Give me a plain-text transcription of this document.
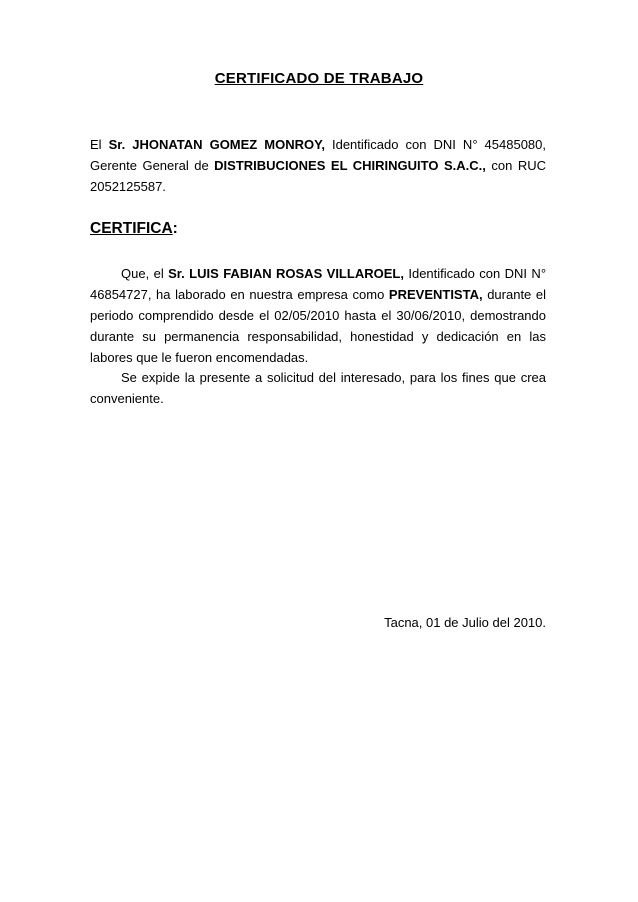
CERTIFICADO DE TRABAJO
El Sr. JHONATAN GOMEZ MONROY, Identificado con DNI N° 45485080, Gerente General de DISTRIBUCIONES EL CHIRINGUITO S.A.C., con RUC 2052125587.
CERTIFICA:
Que, el Sr. LUIS FABIAN ROSAS VILLAROEL, Identificado con DNI N° 46854727, ha laborado en nuestra empresa como PREVENTISTA, durante el periodo comprendido desde el 02/05/2010 hasta el 30/06/2010, demostrando durante su permanencia responsabilidad, honestidad y dedicación en las labores que le fueron encomendadas.
Se expide la presente a solicitud del interesado, para los fines que crea conveniente.
Tacna, 01 de Julio del 2010.
